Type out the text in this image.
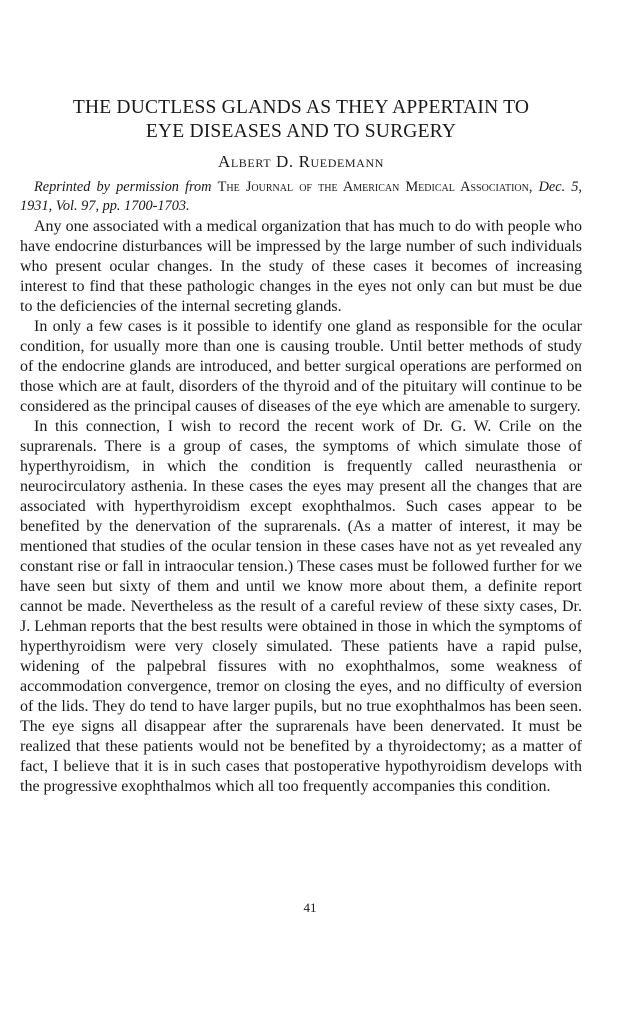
THE DUCTLESS GLANDS AS THEY APPERTAIN TO
EYE DISEASES AND TO SURGERY
Albert D. Ruedemann

Reprinted by permission from The Journal of the American Medical Association, Dec. 5, 1931, Vol. 97, pp. 1700-1703.

Any one associated with a medical organization that has much to do with people who have endocrine disturbances will be impressed by the large number of such individuals who present ocular changes. In the study of these cases it becomes of increasing interest to find that these pathologic changes in the eyes not only can but must be due to the deficiencies of the internal secreting glands.

In only a few cases is it possible to identify one gland as responsible for the ocular condition, for usually more than one is causing trouble. Until better methods of study of the endocrine glands are introduced, and better surgical operations are performed on those which are at fault, disorders of the thyroid and of the pituitary will continue to be considered as the principal causes of diseases of the eye which are amenable to surgery.

In this connection, I wish to record the recent work of Dr. G. W. Crile on the suprarenals. There is a group of cases, the symptoms of which simulate those of hyperthyroidism, in which the condition is frequently called neurasthenia or neurocirculatory asthenia. In these cases the eyes may present all the changes that are associated with hyperthyroidism except exophthalmos. Such cases appear to be benefited by the denervation of the suprarenals. (As a matter of interest, it may be mentioned that studies of the ocular tension in these cases have not as yet revealed any constant rise or fall in intraocular tension.) These cases must be followed further for we have seen but sixty of them and until we know more about them, a definite report cannot be made. Nevertheless as the result of a careful review of these sixty cases, Dr. J. Lehman reports that the best results were obtained in those in which the symptoms of hyperthyroidism were very closely simulated. These patients have a rapid pulse, widening of the palpebral fissures with no exophthalmos, some weakness of accommodation convergence, tremor on closing the eyes, and no difficulty of eversion of the lids. They do tend to have larger pupils, but no true exophthalmos has been seen. The eye signs all disappear after the suprarenals have been denervated. It must be realized that these patients would not be benefited by a thyroidectomy; as a matter of fact, I believe that it is in such cases that postoperative hypothyroidism develops with the progressive exophthalmos which all too frequently accompanies this condition.

41
